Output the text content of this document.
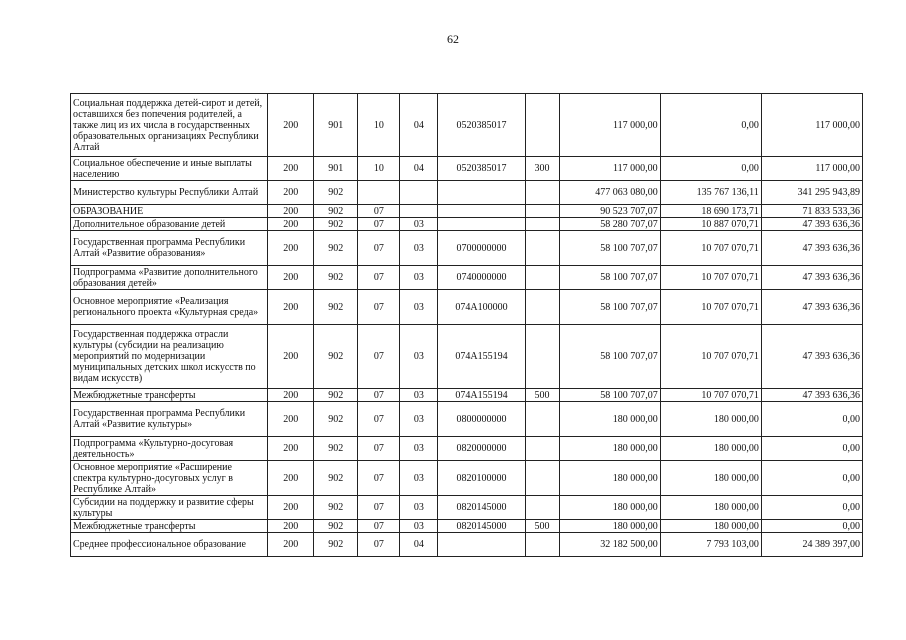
62
Социальная поддержка детей-сирот и детей, оставшихся без попечения родителей, а также лиц из их числа в государственных образовательных организациях Республики Алтай	200	901	10	04	0520385017		117 000,00	0,00	117 000,00
Социальное обеспечение и иные выплаты населению	200	901	10	04	0520385017	300	117 000,00	0,00	117 000,00
Министерство культуры Республики Алтай	200	902					477 063 080,00	135 767 136,11	341 295 943,89
ОБРАЗОВАНИЕ	200	902	07				90 523 707,07	18 690 173,71	71 833 533,36
Дополнительное образование детей	200	902	07	03			58 280 707,07	10 887 070,71	47 393 636,36
Государственная программа Республики Алтай «Развитие образования»	200	902	07	03	0700000000		58 100 707,07	10 707 070,71	47 393 636,36
Подпрограмма «Развитие дополнительного образования детей»	200	902	07	03	0740000000		58 100 707,07	10 707 070,71	47 393 636,36
Основное мероприятие «Реализация регионального проекта «Культурная среда»	200	902	07	03	074A100000		58 100 707,07	10 707 070,71	47 393 636,36
Государственная поддержка отрасли культуры (субсидии на реализацию мероприятий по модернизации муниципальных детских школ искусств по видам искусств)	200	902	07	03	074A155194		58 100 707,07	10 707 070,71	47 393 636,36
Межбюджетные трансферты	200	902	07	03	074A155194	500	58 100 707,07	10 707 070,71	47 393 636,36
Государственная программа Республики Алтай «Развитие культуры»	200	902	07	03	0800000000		180 000,00	180 000,00	0,00
Подпрограмма «Культурно-досуговая деятельность»	200	902	07	03	0820000000		180 000,00	180 000,00	0,00
Основное мероприятие «Расширение спектра культурно-досуговых услуг в Республике Алтай»	200	902	07	03	0820100000		180 000,00	180 000,00	0,00
Субсидии на поддержку и развитие сферы культуры	200	902	07	03	0820145000		180 000,00	180 000,00	0,00
Межбюджетные трансферты	200	902	07	03	0820145000	500	180 000,00	180 000,00	0,00
Среднее профессиональное образование	200	902	07	04			32 182 500,00	7 793 103,00	24 389 397,00
